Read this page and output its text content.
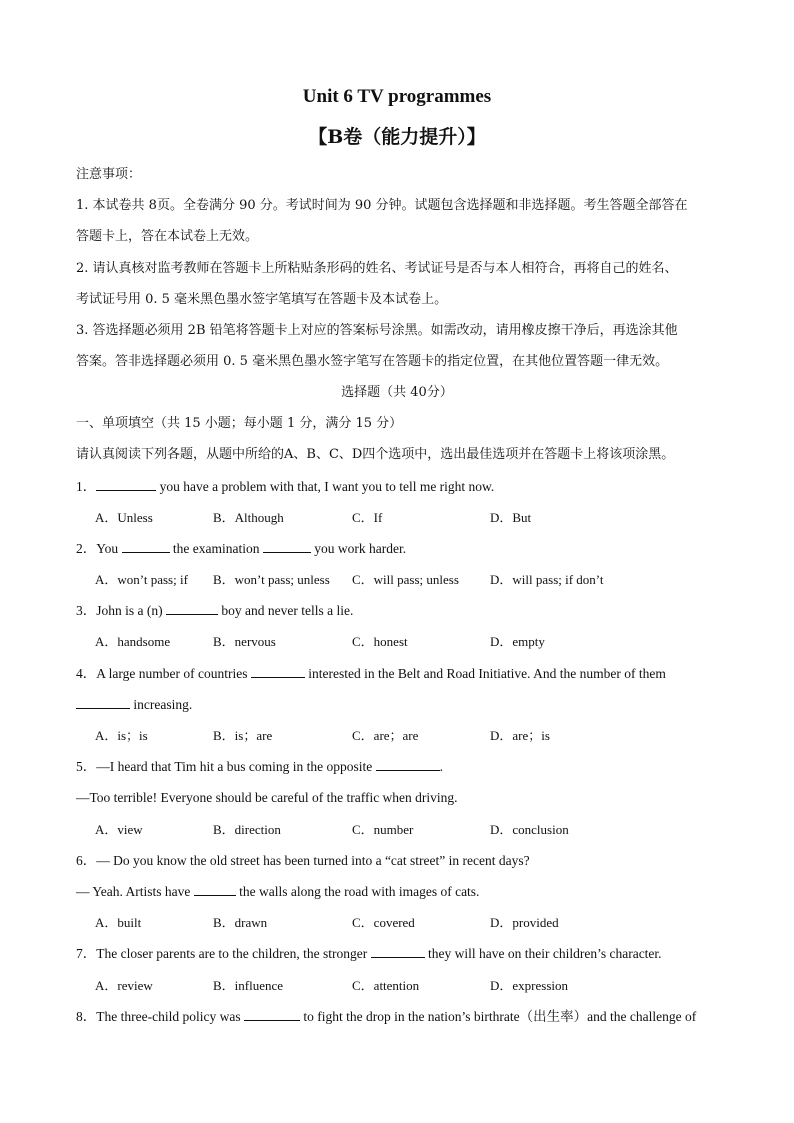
Unit 6 TV programmes
【B卷（能力提升）】
注意事项：
1. 本试卷共 8页。全卷满分 90 分。考试时间为 90 分钟。试题包含选择题和非选择题。考生答题全部答在
答题卡上，答在本试卷上无效。
2. 请认真核对监考教师在答题卡上所粘贴条形码的姓名、考试证号是否与本人相符合，再将自己的姓名、
考试证号用 0. 5 毫米黑色墨水签字笔填写在答题卡及本试卷上。
3. 答选择题必须用 2B 铅笔将答题卡上对应的答案标号涂黑。如需改动，请用橡皮擦干净后，再选涂其他
答案。答非选择题必须用 0. 5 毫米黑色墨水签字笔写在答题卡的指定位置，在其他位置答题一律无效。
选择题（共 40分）
一、单项填空（共 15 小题；每小题 1 分，满分 15 分）
请认真阅读下列各题，从题中所给的A、B、C、D四个选项中，选出最佳选项并在答题卡上将该项涂黑。
1．	you have a problem with that, I want you to tell me right now.
A．Unless	B．Although	C．If	D．But
2．You	the examination	you work harder.
A．won’t pass; if B．won’t pass; unless C．will pass; unless D．will pass; if don’t
3．John is a (n)	boy and never tells a lie.
A．handsome	B．nervous	C．honest	D．empty
4．A large number of countries	interested in the Belt and Road Initiative. And the number of them
increasing.
A．is；is	B．is；are	C．are；are	D．are；is
5．—I heard that Tim hit a bus coming in the opposite	.
—Too terrible! Everyone should be careful of the traffic when driving.
A．view	B．direction	C．number	D．conclusion
6．— Do you know the old street has been turned into a “cat street” in recent days?
— Yeah. Artists have	the walls along the road with images of cats.
A．built	B．drawn	C．covered	D．provided
7．The closer parents are to the children, the stronger	they will have on their children’s character.
A．review	B．influence	C．attention	D．expression
8．The three-child policy was	to fight the drop in the nation’s birthrate（出生率）and the challenge of
